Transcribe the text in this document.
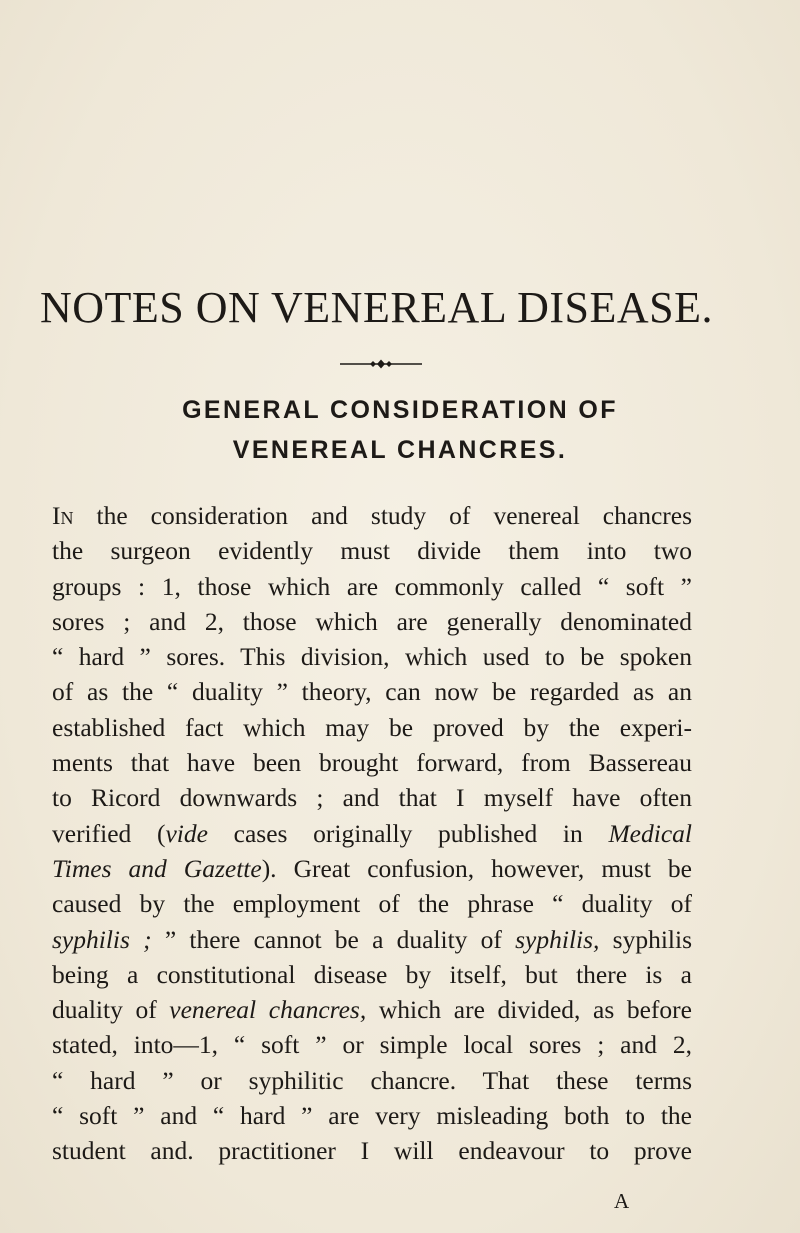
NOTES ON VENEREAL DISEASE.
GENERAL CONSIDERATION OF
VENEREAL CHANCRES.
In the consideration and study of venereal chancres
the surgeon evidently must divide them into two
groups : 1, those which are commonly called “ soft ”
sores ; and 2, those which are generally denominated
“ hard ” sores. This division, which used to be spoken
of as the “ duality ” theory, can now be regarded as an
established fact which may be proved by the experi-
ments that have been brought forward, from Bassereau
to Ricord downwards ; and that I myself have often
verified (vide cases originally published in Medical
Times and Gazette). Great confusion, however, must be
caused by the employment of the phrase “ duality of
syphilis ; ” there cannot be a duality of syphilis, syphilis
being a constitutional disease by itself, but there is a
duality of venereal chancres, which are divided, as before
stated, into—1, “ soft ” or simple local sores ; and 2,
“ hard ” or syphilitic chancre. That these terms
“ soft ” and “ hard ” are very misleading both to the
student and. practitioner I will endeavour to prove
A
